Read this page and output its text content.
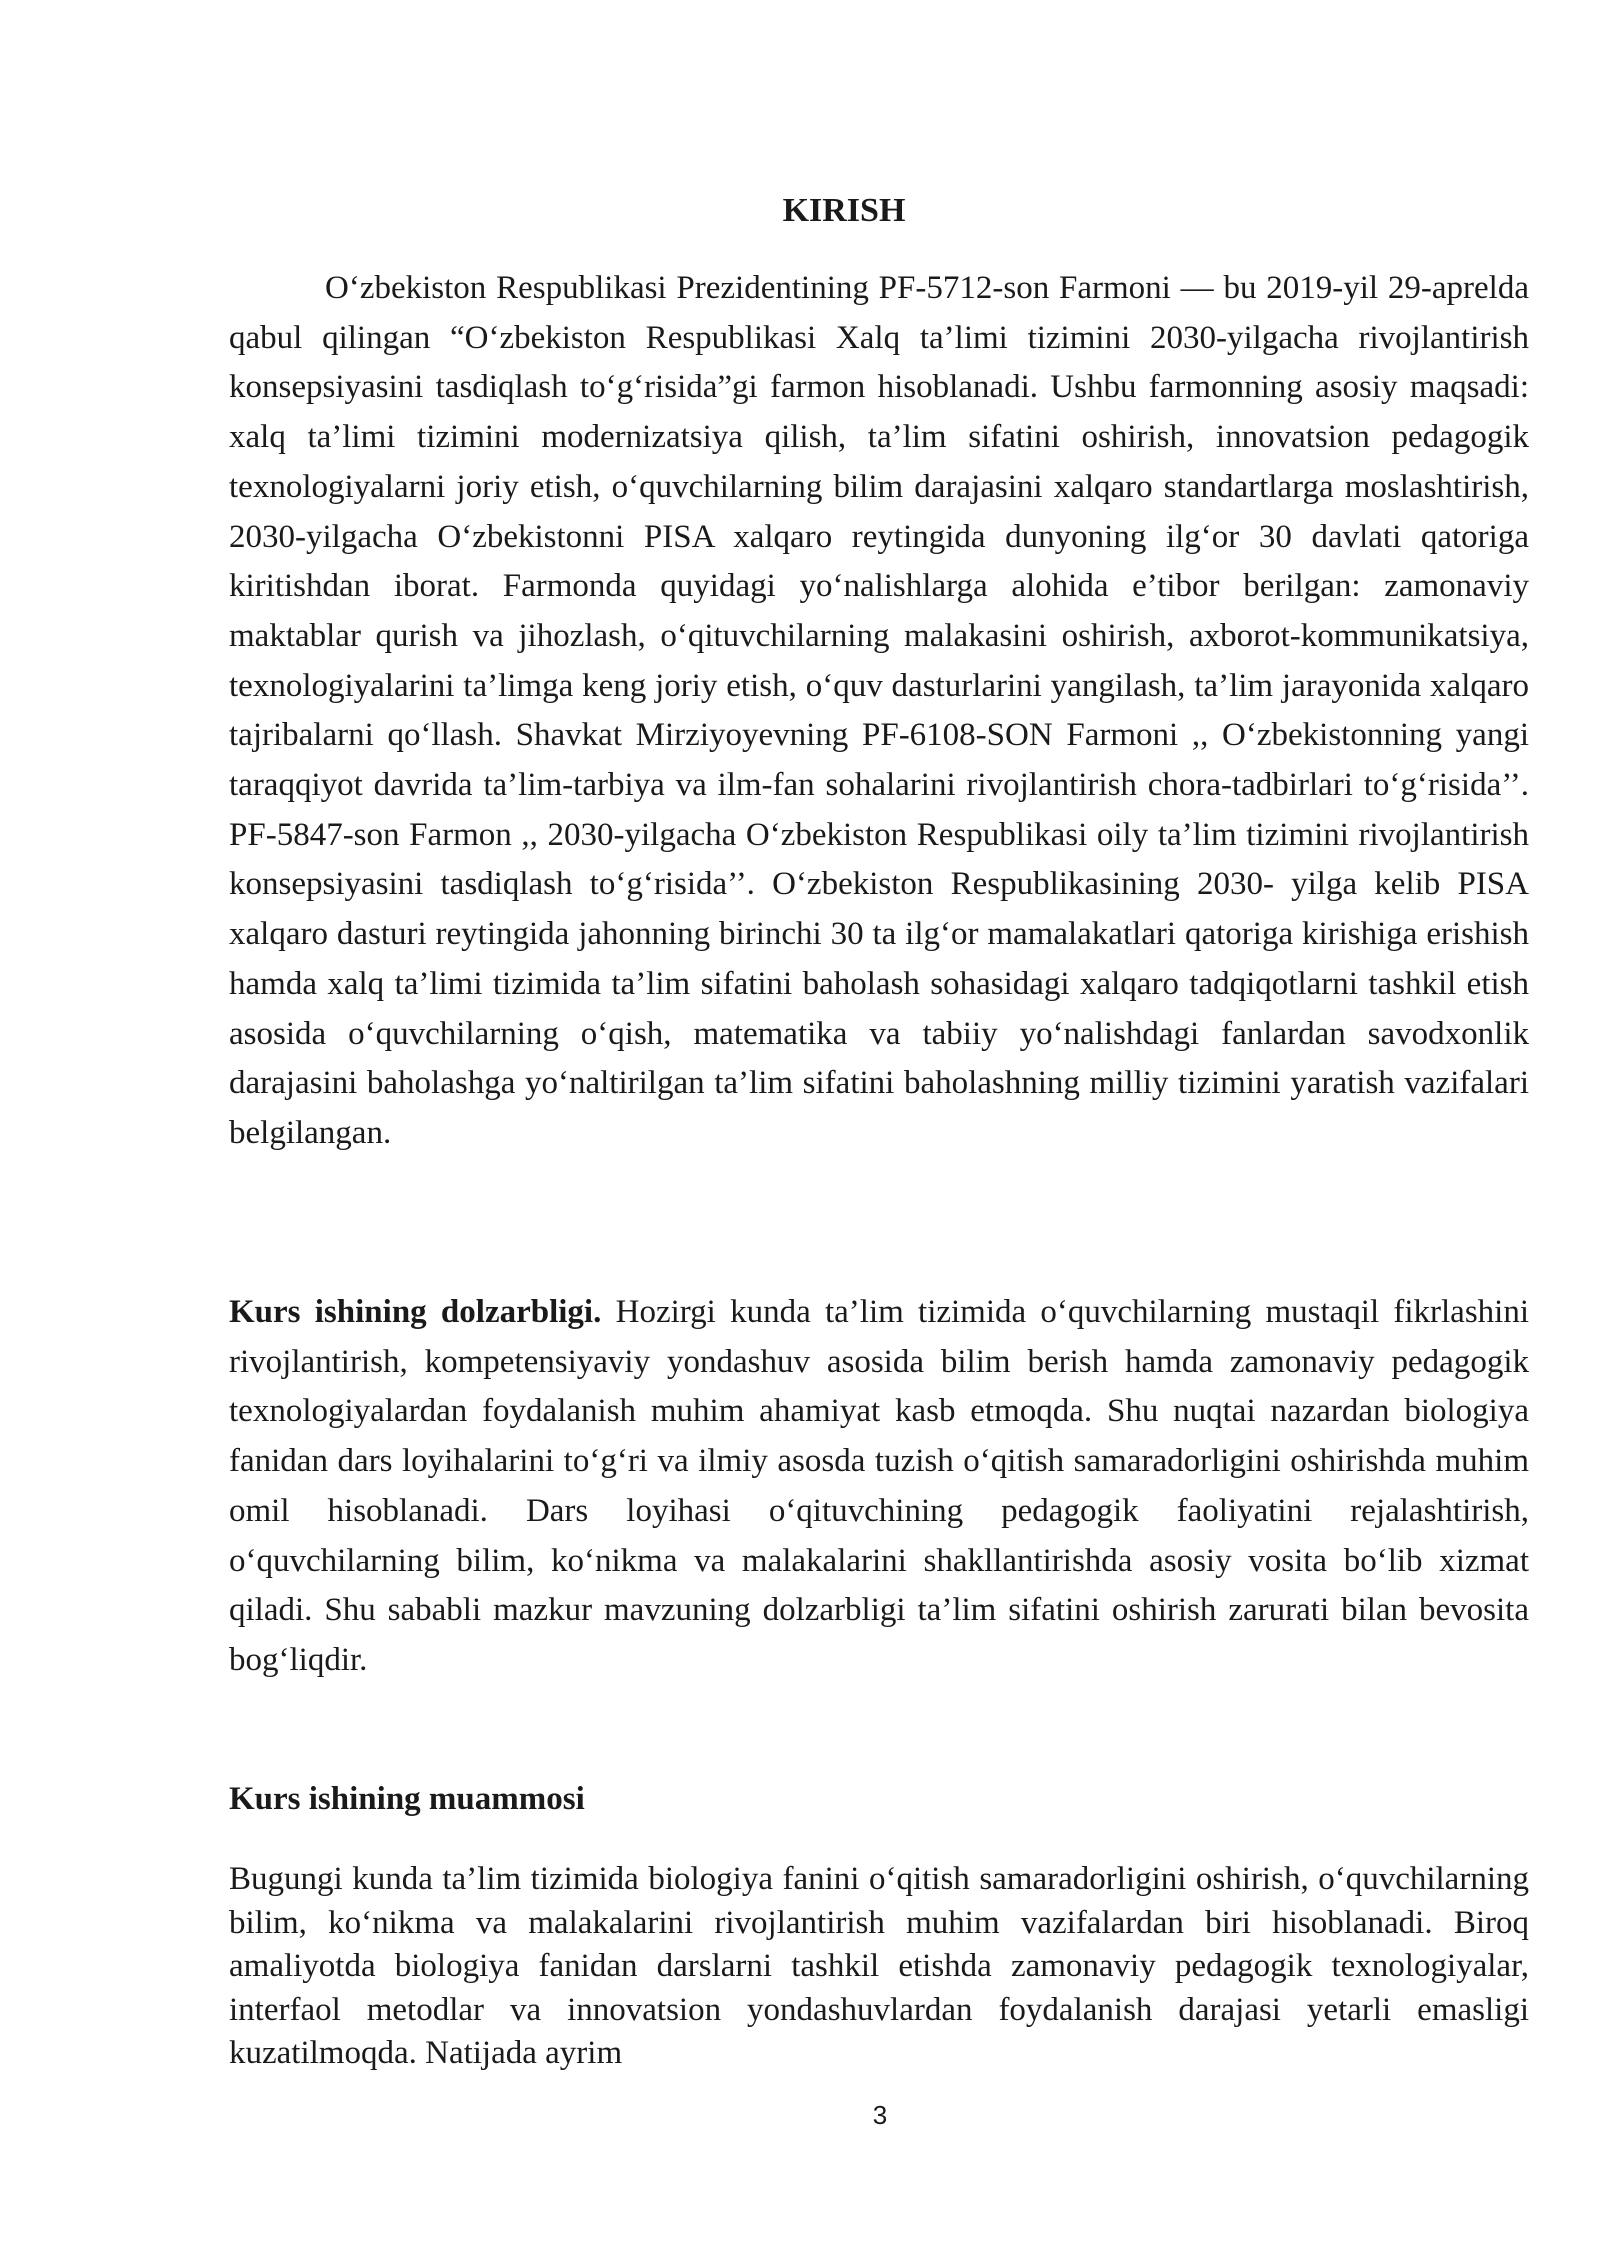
KIRISH

O‘zbekiston Respublikasi Prezidentining PF-5712-son Farmoni — bu 2019-yil 29-aprelda qabul qilingan “O‘zbekiston Respublikasi Xalq ta’limi tizimini 2030-yilgacha rivojlantirish konsepsiyasini tasdiqlash to‘g‘risida”gi farmon hisoblanadi. Ushbu farmonning asosiy maqsadi: xalq ta’limi tizimini modernizatsiya qilish, ta’lim sifatini oshirish, innovatsion pedagogik texnologiyalarni joriy etish, o‘quvchilarning bilim darajasini xalqaro standartlarga moslashtirish, 2030-yilgacha O‘zbekistonni PISA xalqaro reytingida dunyoning ilg‘or 30 davlati qatoriga kiritishdan iborat. Farmonda quyidagi yo‘nalishlarga alohida e’tibor berilgan: zamonaviy maktablar qurish va jihozlash, o‘qituvchilarning malakasini oshirish, axborot-kommunikatsiya, texnologiyalarini ta’limga keng joriy etish, o‘quv dasturlarini yangilash, ta’lim jarayonida xalqaro tajribalarni qo‘llash. Shavkat Mirziyoyevning PF-6108-SON Farmoni ,, O‘zbekistonning yangi taraqqiyot davrida ta’lim-tarbiya va ilm-fan sohalarini rivojlantirish chora-tadbirlari to‘g‘risida’’. PF-5847-son Farmon ,, 2030-yilgacha O‘zbekiston Respublikasi oily ta’lim tizimini rivojlantirish konsepsiyasini tasdiqlash to‘g‘risida’’. O‘zbekiston Respublikasining 2030- yilga kelib PISA xalqaro dasturi reytingida jahonning birinchi 30 ta ilg‘or mamalakatlari qatoriga kirishiga erishish hamda xalq ta’limi tizimida ta’lim sifatini baholash sohasidagi xalqaro tadqiqotlarni tashkil etish asosida o‘quvchilarning o‘qish, matematika va tabiiy yo‘nalishdagi fanlardan savodxonlik darajasini baholashga yo‘naltirilgan ta’lim sifatini baholashning milliy tizimini yaratish vazifalari belgilangan.

Kurs ishining dolzarbligi. Hozirgi kunda ta’lim tizimida o‘quvchilarning mustaqil fikrlashini rivojlantirish, kompetensiyaviy yondashuv asosida bilim berish hamda zamonaviy pedagogik texnologiyalardan foydalanish muhim ahamiyat kasb etmoqda. Shu nuqtai nazardan biologiya fanidan dars loyihalarini to‘g‘ri va ilmiy asosda tuzish o‘qitish samaradorligini oshirishda muhim omil hisoblanadi. Dars loyihasi o‘qituvchining pedagogik faoliyatini rejalashtirish, o‘quvchilarning bilim, ko‘nikma va malakalarini shakllantirishda asosiy vosita bo‘lib xizmat qiladi. Shu sababli mazkur mavzuning dolzarbligi ta’lim sifatini oshirish zarurati bilan bevosita bog‘liqdir.

Kurs ishining muammosi

Bugungi kunda ta’lim tizimida biologiya fanini o‘qitish samaradorligini oshirish, o‘quvchilarning bilim, ko‘nikma va malakalarini rivojlantirish muhim vazifalardan biri hisoblanadi. Biroq amaliyotda biologiya fanidan darslarni tashkil etishda zamonaviy pedagogik texnologiyalar, interfaol metodlar va innovatsion yondashuvlardan foydalanish darajasi yetarli emasligi kuzatilmoqda. Natijada ayrim

3
